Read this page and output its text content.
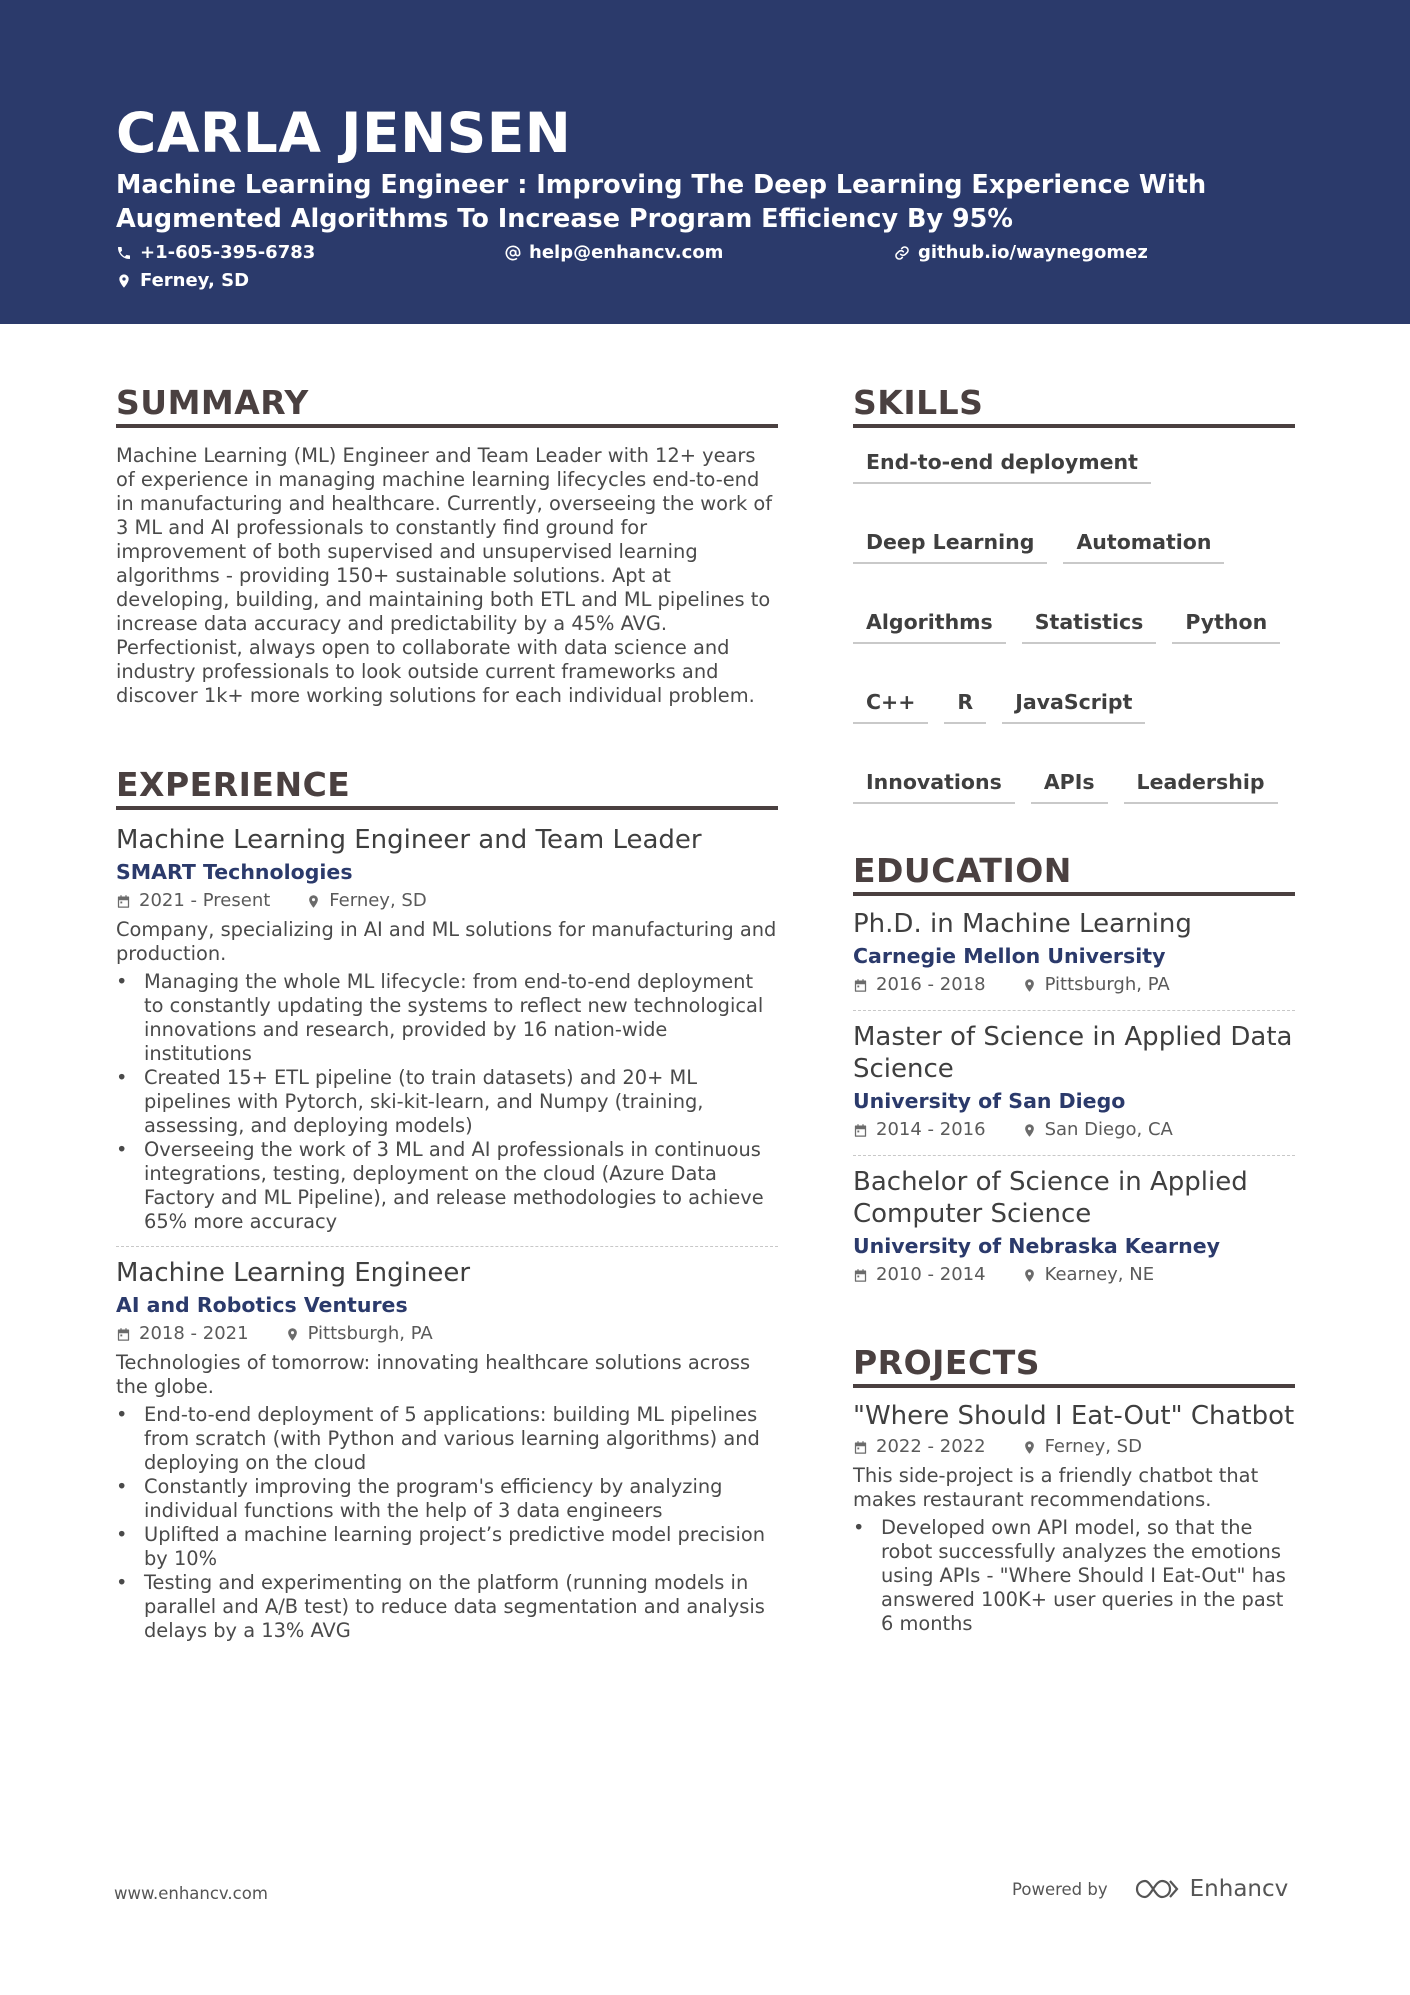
CARLA JENSEN

Machine Learning Engineer : Improving The Deep Learning Experience With Augmented Algorithms To Increase Program Efficiency By 95%

+1-605-395-6783	help@enhancv.com	github.io/waynegomez
Ferney, SD
SUMMARY

Machine Learning (ML) Engineer and Team Leader with 12+ years of experience in managing machine learning lifecycles end-to-end in manufacturing and healthcare. Currently, overseeing the work of 3 ML and AI professionals to constantly find ground for improvement of both supervised and unsupervised learning algorithms - providing 150+ sustainable solutions. Apt at developing, building, and maintaining both ETL and ML pipelines to increase data accuracy and predictability by a 45% AVG. Perfectionist, always open to collaborate with data science and industry professionals to look outside current frameworks and discover 1k+ more working solutions for each individual problem.

EXPERIENCE

Machine Learning Engineer and Team Leader

SMART Technologies

2021 - Present	Ferney, SD

Company, specializing in AI and ML solutions for manufacturing and production.

• Managing the whole ML lifecycle: from end-to-end deployment to constantly updating the systems to reflect new technological innovations and research, provided by 16 nation-wide institutions
• Created 15+ ETL pipeline (to train datasets) and 20+ ML pipelines with Pytorch, ski-kit-learn, and Numpy (training, assessing, and deploying models)
• Overseeing the work of 3 ML and AI professionals in continuous integrations, testing, deployment on the cloud (Azure Data Factory and ML Pipeline), and release methodologies to achieve 65% more accuracy

Machine Learning Engineer

AI and Robotics Ventures

2018 - 2021	Pittsburgh, PA

Technologies of tomorrow: innovating healthcare solutions across the globe.

• End-to-end deployment of 5 applications: building ML pipelines from scratch (with Python and various learning algorithms) and deploying on the cloud
• Constantly improving the program's efficiency by analyzing individual functions with the help of 3 data engineers
• Uplifted a machine learning project’s predictive model precision by 10%
• Testing and experimenting on the platform (running models in parallel and A/B test) to reduce data segmentation and analysis delays by a 13% AVG
SKILLS
End-to-end deployment
Deep Learning	Automation
Algorithms	Statistics	Python
C++	R	JavaScript
Innovations	APIs	Leadership
EDUCATION

Ph.D. in Machine Learning

Carnegie Mellon University

2016 - 2018	Pittsburgh, PA

Master of Science in Applied Data Science

University of San Diego

2014 - 2016	San Diego, CA

Bachelor of Science in Applied Computer Science

University of Nebraska Kearney

2010 - 2014	Kearney, NE
PROJECTS

"Where Should I Eat-Out" Chatbot

2022 - 2022	Ferney, SD

This side-project is a friendly chatbot that makes restaurant recommendations.

• Developed own API model, so that the robot successfully analyzes the emotions using APIs - "Where Should I Eat-Out" has answered 100K+ user queries in the past 6 months
www.enhancv.com	Powered by	Enhancv
